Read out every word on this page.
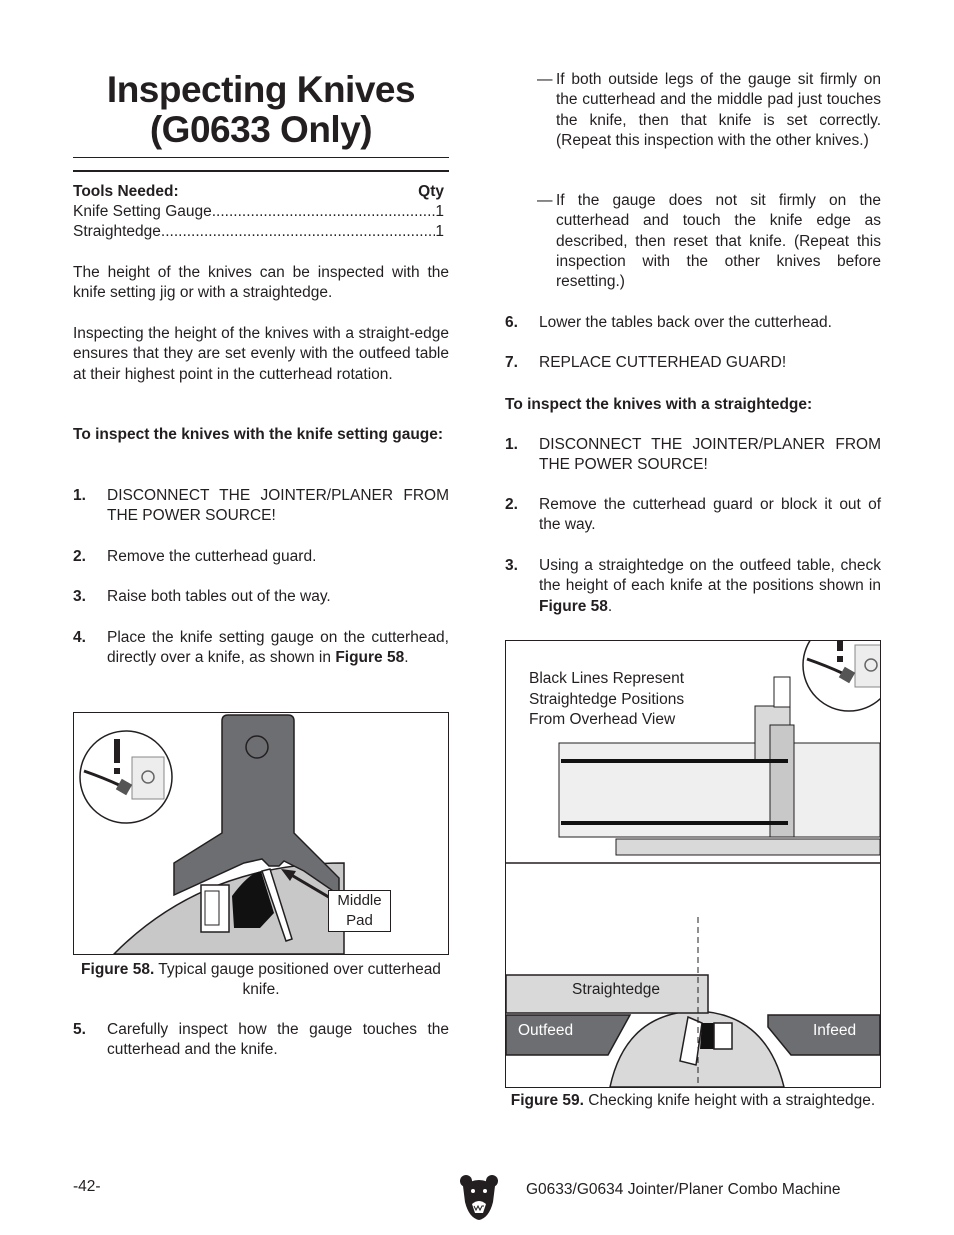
Inspecting Knives
(G0633 Only)
Tools Needed:	Qty
Knife Setting Gauge .....	1
Straightedge .....	1
The height of the knives can be inspected with the knife setting jig or with a straightedge.
Inspecting the height of the knives with a straight-edge ensures that they are set evenly with the outfeed table at their highest point in the cutterhead rotation.
To inspect the knives with the knife setting gauge:
1.	DISCONNECT THE JOINTER/PLANER FROM THE POWER SOURCE!
2.	Remove the cutterhead guard.
3.	Raise both tables out of the way.
4.	Place the knife setting gauge on the cutterhead, directly over a knife, as shown in Figure 58.
Middle
Pad
Figure 58. Typical gauge positioned over cutterhead knife.
5.	Carefully inspect how the gauge touches the cutterhead and the knife.
— If both outside legs of the gauge sit firmly on the cutterhead and the middle pad just touches the knife, then that knife is set correctly. (Repeat this inspection with the other knives.)
— If the gauge does not sit firmly on the cutterhead and touch the knife edge as described, then reset that knife. (Repeat this inspection with the other knives before resetting.)
6.	Lower the tables back over the cutterhead.
7.	REPLACE CUTTERHEAD GUARD!
To inspect the knives with a straightedge:
1.	DISCONNECT THE JOINTER/PLANER FROM THE POWER SOURCE!
2.	Remove the cutterhead guard or block it out of the way.
3.	Using a straightedge on the outfeed table, check the height of each knife at the positions shown in Figure 58.
Black Lines Represent
Straightedge Positions
From Overhead View
Straightedge
Outfeed	Infeed
Figure 59. Checking knife height with a straightedge.
-42-	G0633/G0634 Jointer/Planer Combo Machine
